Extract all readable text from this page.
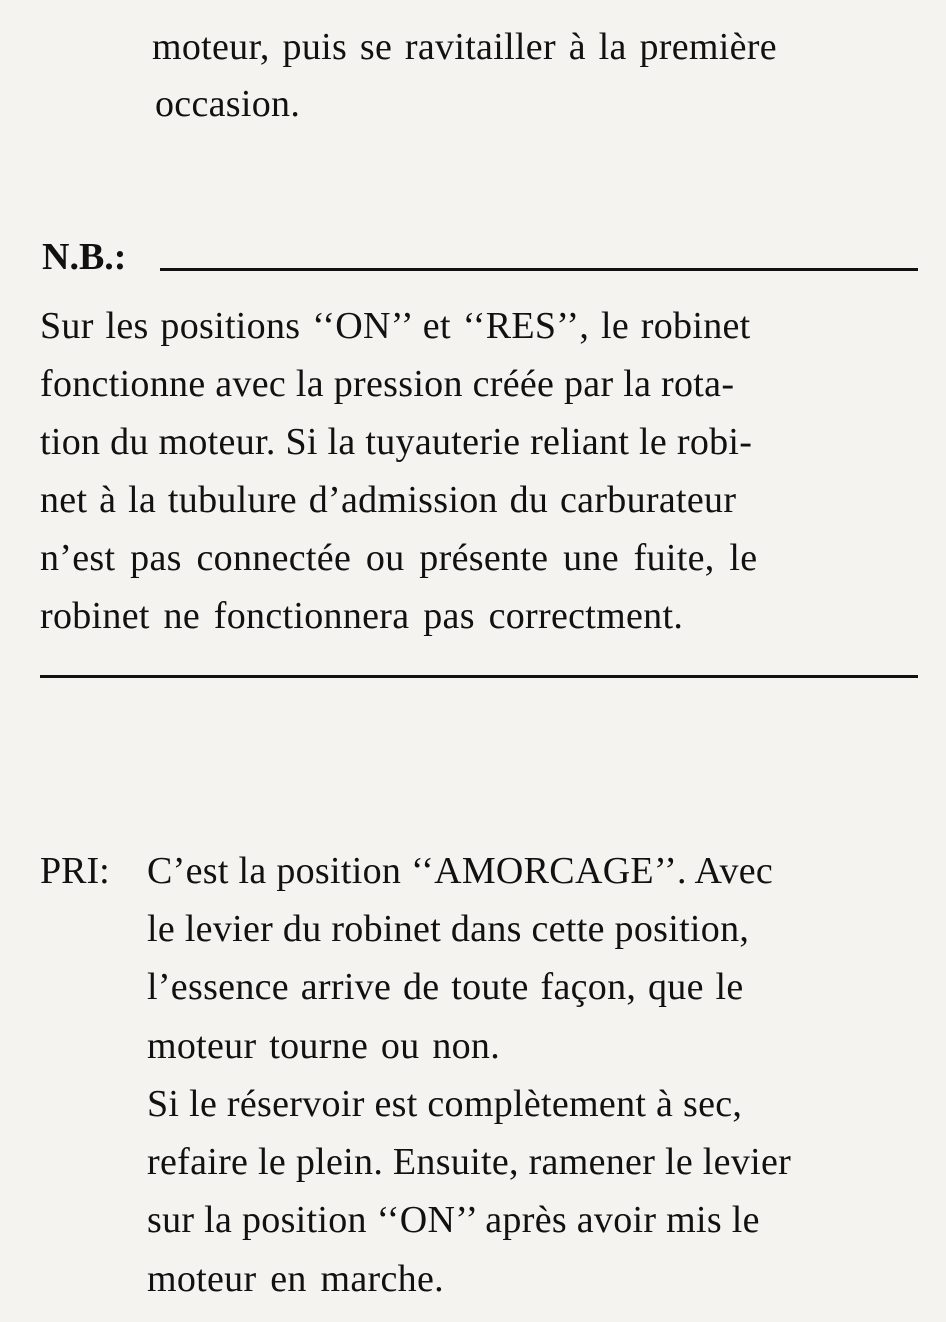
moteur, puis se ravitailler à la première
occasion.
N.B.:
Sur les positions ‘‘ON’’ et ‘‘RES’’, le robinet
fonctionne avec la pression créée par la rota-
tion du moteur. Si la tuyauterie reliant le robi-
net à la tubulure d’admission du carburateur
n’est pas connectée ou présente une fuite, le
robinet ne fonctionnera pas correctment.
PRI: C’est la position ‘‘AMORCAGE’’. Avec
le levier du robinet dans cette position,
l’essence arrive de toute façon, que le
moteur tourne ou non.
Si le réservoir est complètement à sec,
refaire le plein. Ensuite, ramener le levier
sur la position ‘‘ON’’ après avoir mis le
moteur en marche.
